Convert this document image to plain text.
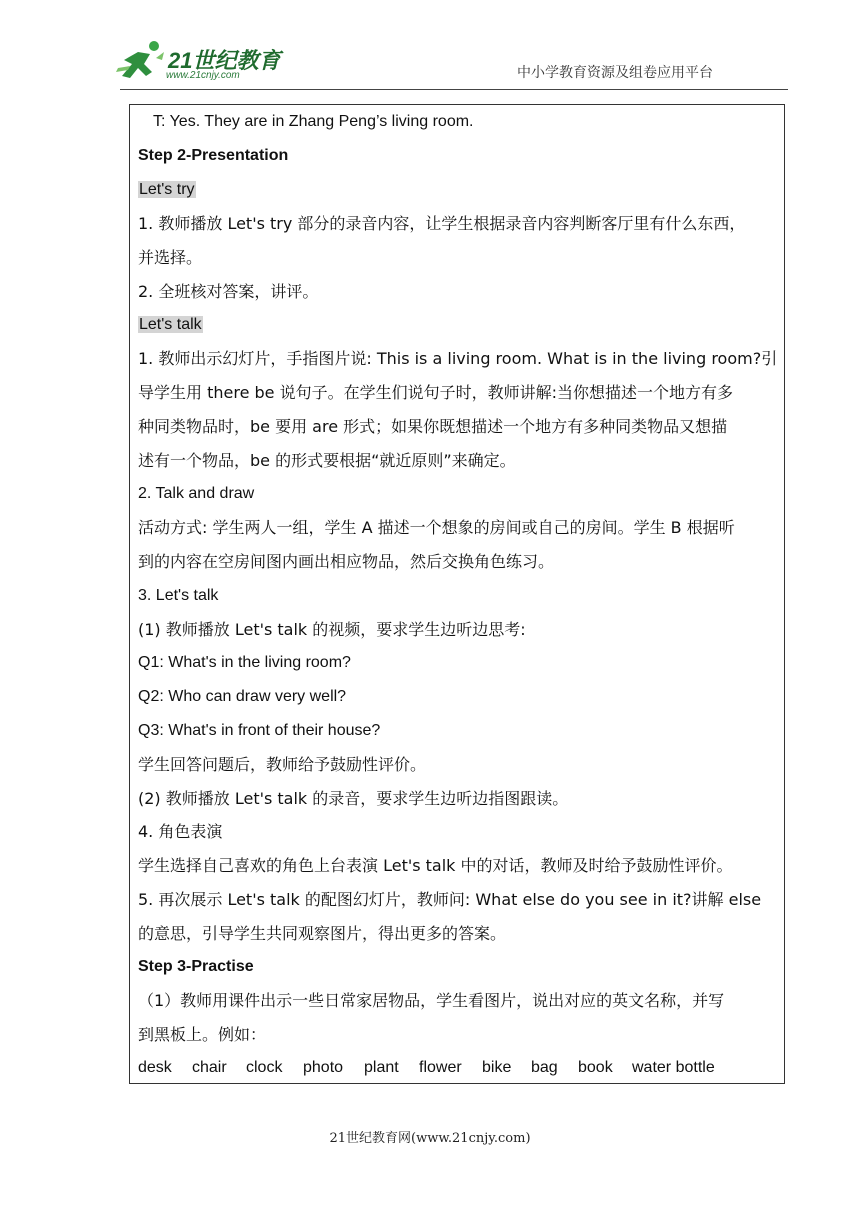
21世纪教育
www.21cnjy.com	中小学教育资源及组卷应用平台
T: Yes. They are in Zhang Peng’s living room.
Step 2-Presentation
Let's try
1. 教师播放 Let's try 部分的录音内容，让学生根据录音内容判断客厅里有什么东西，
并选择。
2. 全班核对答案，讲评。
Let's talk
1. 教师出示幻灯片，手指图片说: This is a living room. What is in the living room?引
导学生用 there be 说句子。在学生们说句子时，教师讲解:当你想描述一个地方有多
种同类物品时，be 要用 are 形式；如果你既想描述一个地方有多种同类物品又想描
述有一个物品，be 的形式要根据“就近原则”来确定。
2. Talk and draw
活动方式: 学生两人一组，学生 A 描述一个想象的房间或自己的房间。学生 B 根据听
到的内容在空房间图内画出相应物品，然后交换角色练习。
3. Let's talk
(1) 教师播放 Let's talk 的视频，要求学生边听边思考:
Q1: What's in the living room?
Q2: Who can draw very well?
Q3: What's in front of their house?
学生回答问题后，教师给予鼓励性评价。
(2) 教师播放 Let's talk 的录音，要求学生边听边指图跟读。
4. 角色表演
学生选择自己喜欢的角色上台表演 Let's talk 中的对话，教师及时给予鼓励性评价。
5. 再次展示 Let's talk 的配图幻灯片，教师问: What else do you see in it?讲解 else
的意思，引导学生共同观察图片，得出更多的答案。
Step 3-Practise
（1）教师用课件出示一些日常家居物品，学生看图片，说出对应的英文名称，并写
到黑板上。例如：
desk chair clock photo plant flower bike bag book water bottle
21世纪教育网(www.21cnjy.com)
